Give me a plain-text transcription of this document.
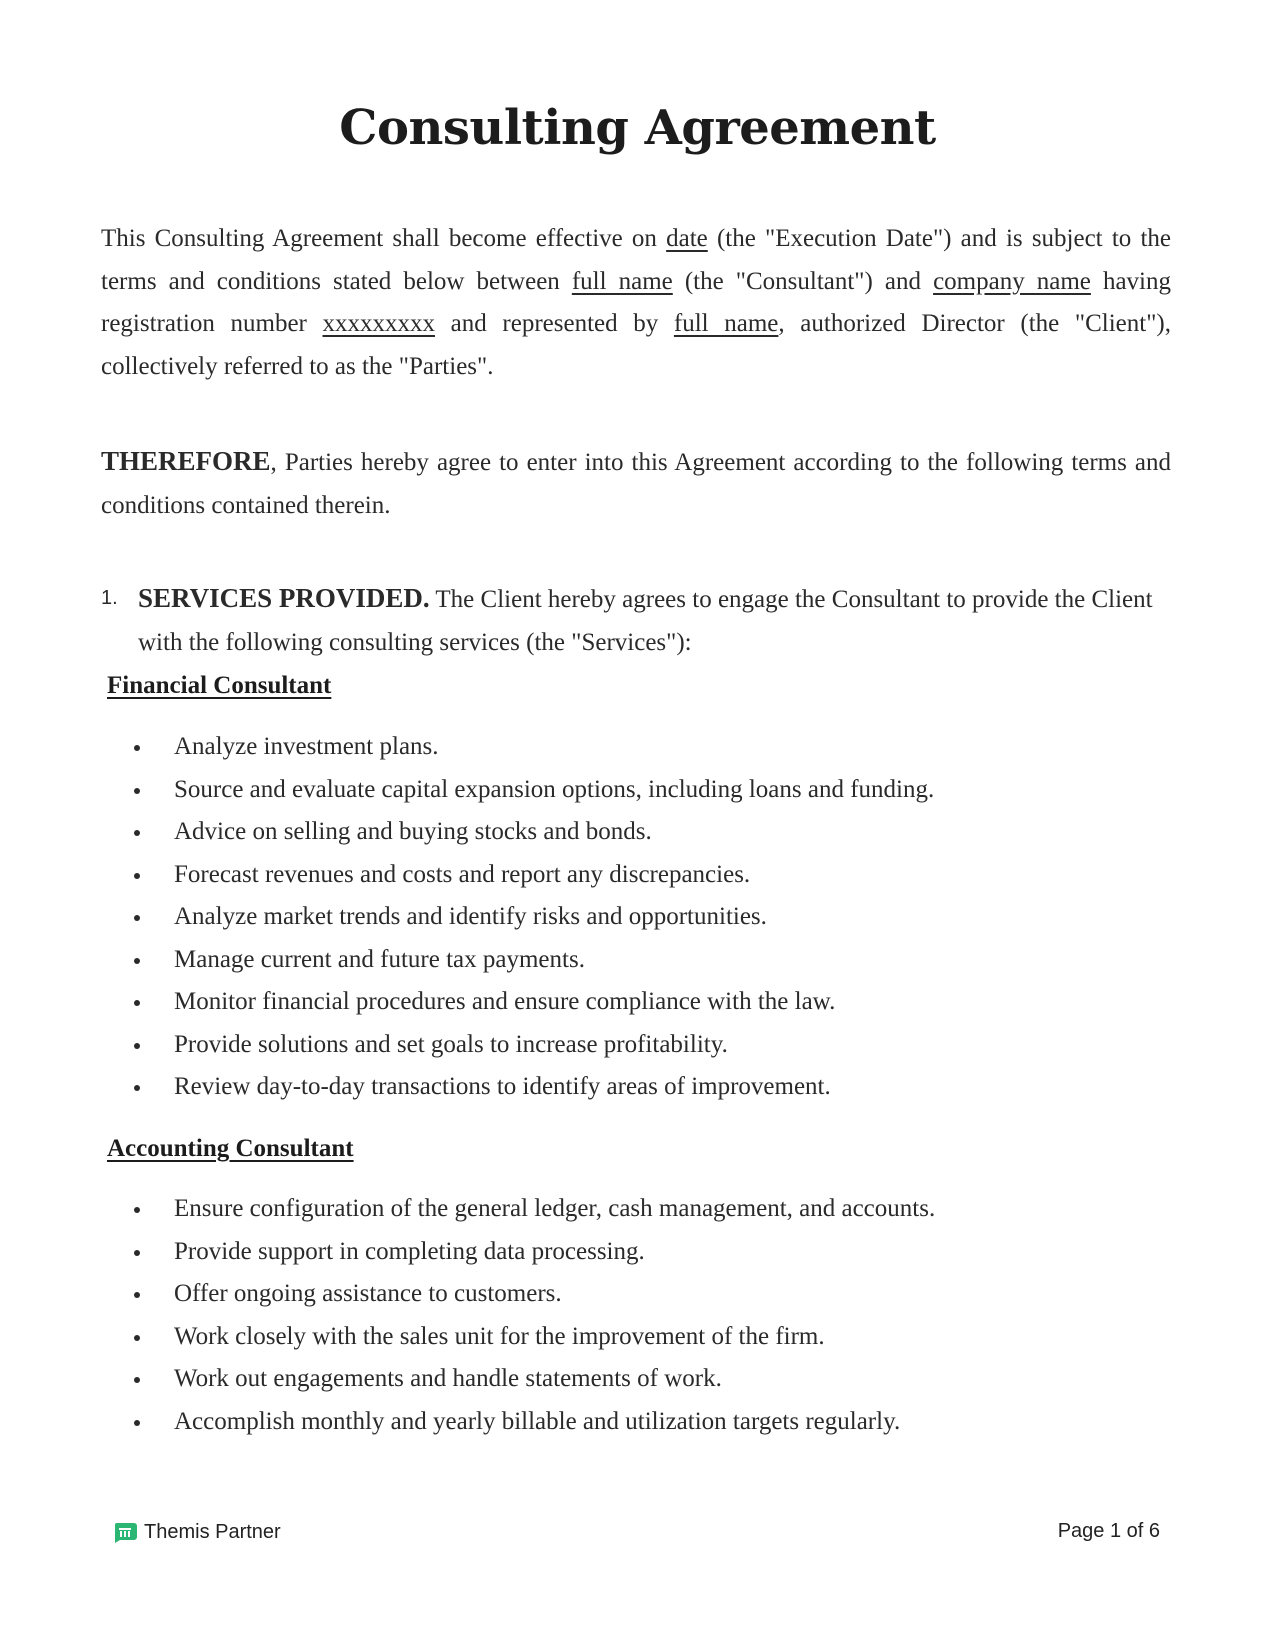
Consulting Agreement
This Consulting Agreement shall become effective on date (the "Execution Date") and is subject to the terms and conditions stated below between full name (the "Consultant") and company name having registration number xxxxxxxxx and represented by full name, authorized Director (the "Client"), collectively referred to as the "Parties".
THEREFORE, Parties hereby agree to enter into this Agreement according to the following terms and conditions contained therein.
1. SERVICES PROVIDED. The Client hereby agrees to engage the Consultant to provide the Client with the following consulting services (the "Services"):
Financial Consultant
Analyze investment plans.
Source and evaluate capital expansion options, including loans and funding.
Advice on selling and buying stocks and bonds.
Forecast revenues and costs and report any discrepancies.
Analyze market trends and identify risks and opportunities.
Manage current and future tax payments.
Monitor financial procedures and ensure compliance with the law.
Provide solutions and set goals to increase profitability.
Review day-to-day transactions to identify areas of improvement.
Accounting Consultant
Ensure configuration of the general ledger, cash management, and accounts.
Provide support in completing data processing.
Offer ongoing assistance to customers.
Work closely with the sales unit for the improvement of the firm.
Work out engagements and handle statements of work.
Accomplish monthly and yearly billable and utilization targets regularly.
Themis Partner	Page 1 of 6
